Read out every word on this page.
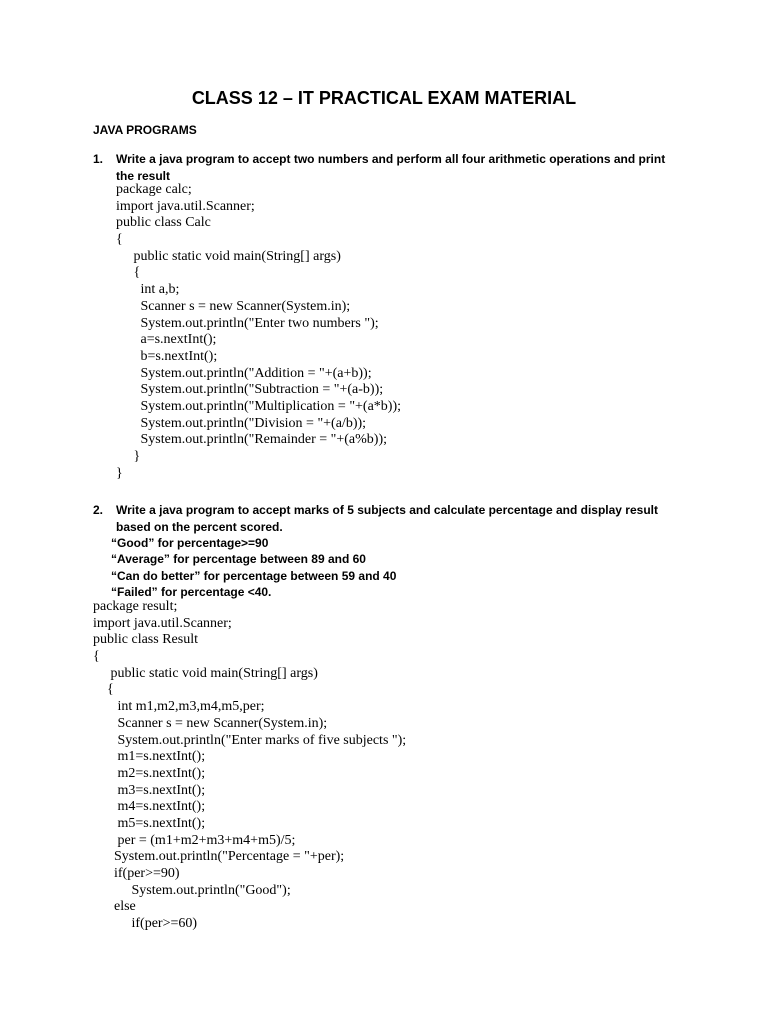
CLASS 12 – IT PRACTICAL EXAM MATERIAL
JAVA PROGRAMS
1. Write a java program to accept two numbers and perform all four arithmetic operations and print the result
package calc;
import java.util.Scanner;
public class Calc
{
public static void main(String[] args)
{
int a,b;
Scanner s = new Scanner(System.in);
System.out.println("Enter two numbers ");
a=s.nextInt();
b=s.nextInt();
System.out.println("Addition = "+(a+b));
System.out.println("Subtraction = "+(a-b));
System.out.println("Multiplication = "+(a*b));
System.out.println("Division = "+(a/b));
System.out.println("Remainder = "+(a%b));
}
}
2. Write a java program to accept marks of 5 subjects and calculate percentage and display result based on the percent scored.
“Good” for percentage>=90
“Average” for percentage between 89 and 60
“Can do better” for percentage between 59 and 40
“Failed” for percentage <40.
package result;
import java.util.Scanner;
public class Result
{
public static void main(String[] args)
{
int m1,m2,m3,m4,m5,per;
Scanner s = new Scanner(System.in);
System.out.println("Enter marks of five subjects ");
m1=s.nextInt();
m2=s.nextInt();
m3=s.nextInt();
m4=s.nextInt();
m5=s.nextInt();
per = (m1+m2+m3+m4+m5)/5;
System.out.println("Percentage = "+per);
if(per>=90)
System.out.println("Good");
else
if(per>=60)
